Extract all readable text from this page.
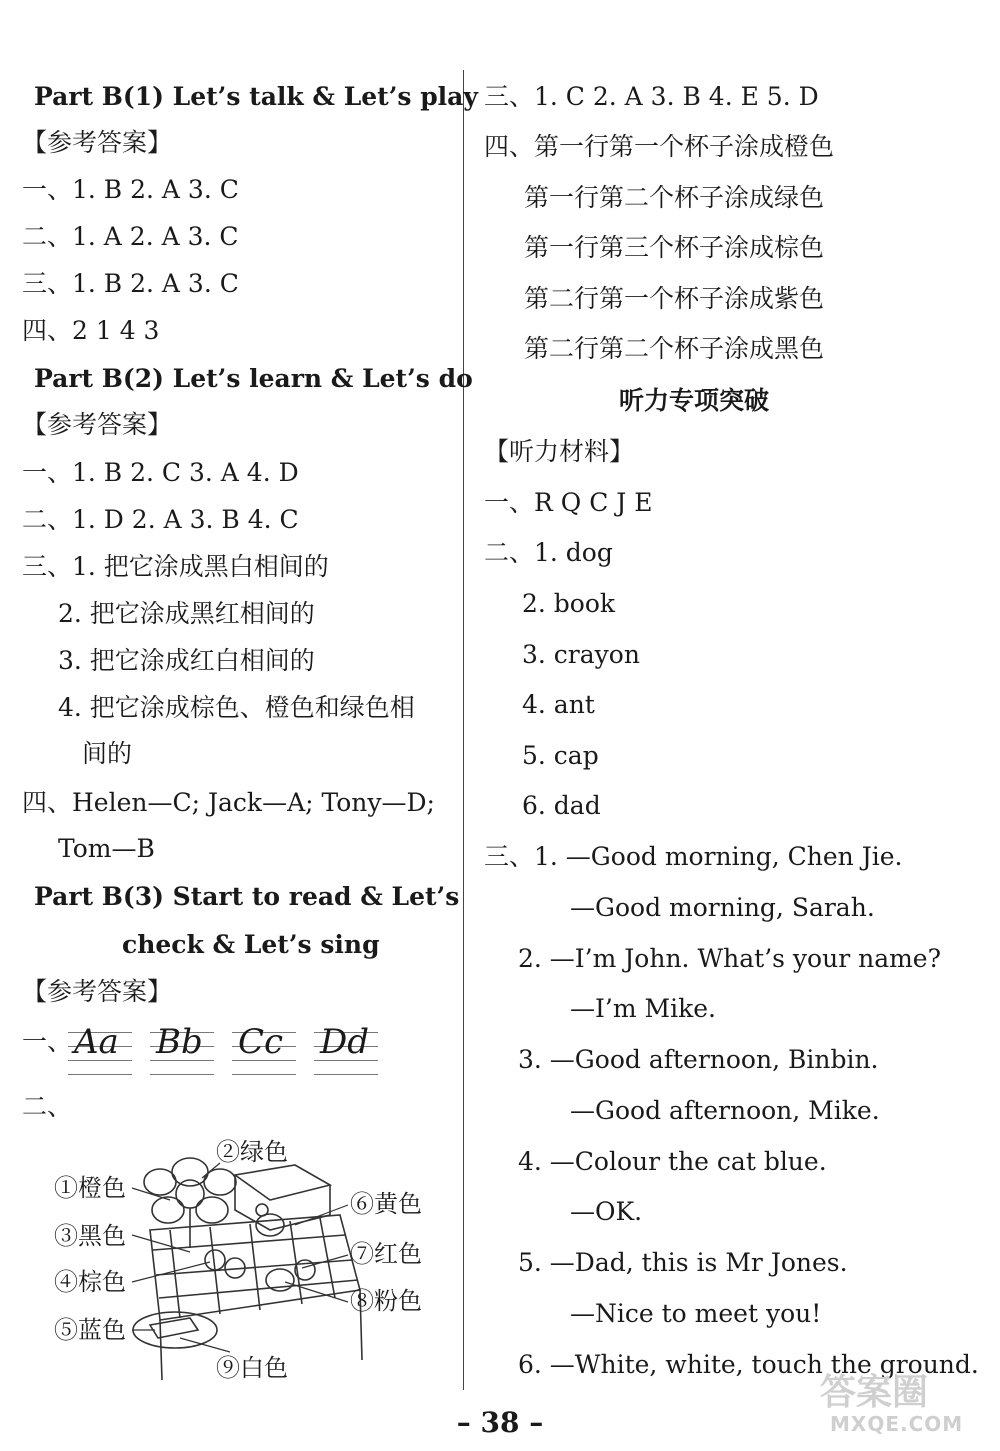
Part B(1) Let’s talk & Let’s play
【参考答案】
一、1. B 2. A 3. C
二、1. A 2. A 3. C
三、1. B 2. A 3. C
四、2 1 4 3
Part B(2) Let’s learn & Let’s do
【参考答案】
一、1. B 2. C 3. A 4. D
二、1. D 2. A 3. B 4. C
三、1. 把它涂成黑白相间的
2. 把它涂成黑红相间的
3. 把它涂成红白相间的
4. 把它涂成棕色、橙色和绿色相
间的
四、Helen—C; Jack—A; Tony—D;
Tom—B
Part B(3) Start to read & Let’s
check & Let’s sing
【参考答案】
一、
二、
Aa Bb Cc Dd
②绿色
①橙色
⑥黄色
③黑色
⑦红色
④棕色
⑧粉色
⑤蓝色
⑨白色
三、1. C 2. A 3. B 4. E 5. D
四、第一行第一个杯子涂成橙色
第一行第二个杯子涂成绿色
第一行第三个杯子涂成棕色
第二行第一个杯子涂成紫色
第二行第二个杯子涂成黑色
听力专项突破
【听力材料】
一、R Q C J E
二、1. dog
2. book
3. crayon
4. ant
5. cap
6. dad
三、1. —Good morning, Chen Jie.
—Good morning, Sarah.
2. —I’m John. What’s your name?
—I’m Mike.
3. —Good afternoon, Binbin.
—Good afternoon, Mike.
4. —Colour the cat blue.
—OK.
5. —Dad, this is Mr Jones.
—Nice to meet you!
6. —White, white, touch the ground.
– 38 –
答案圈
MXQE.COM
